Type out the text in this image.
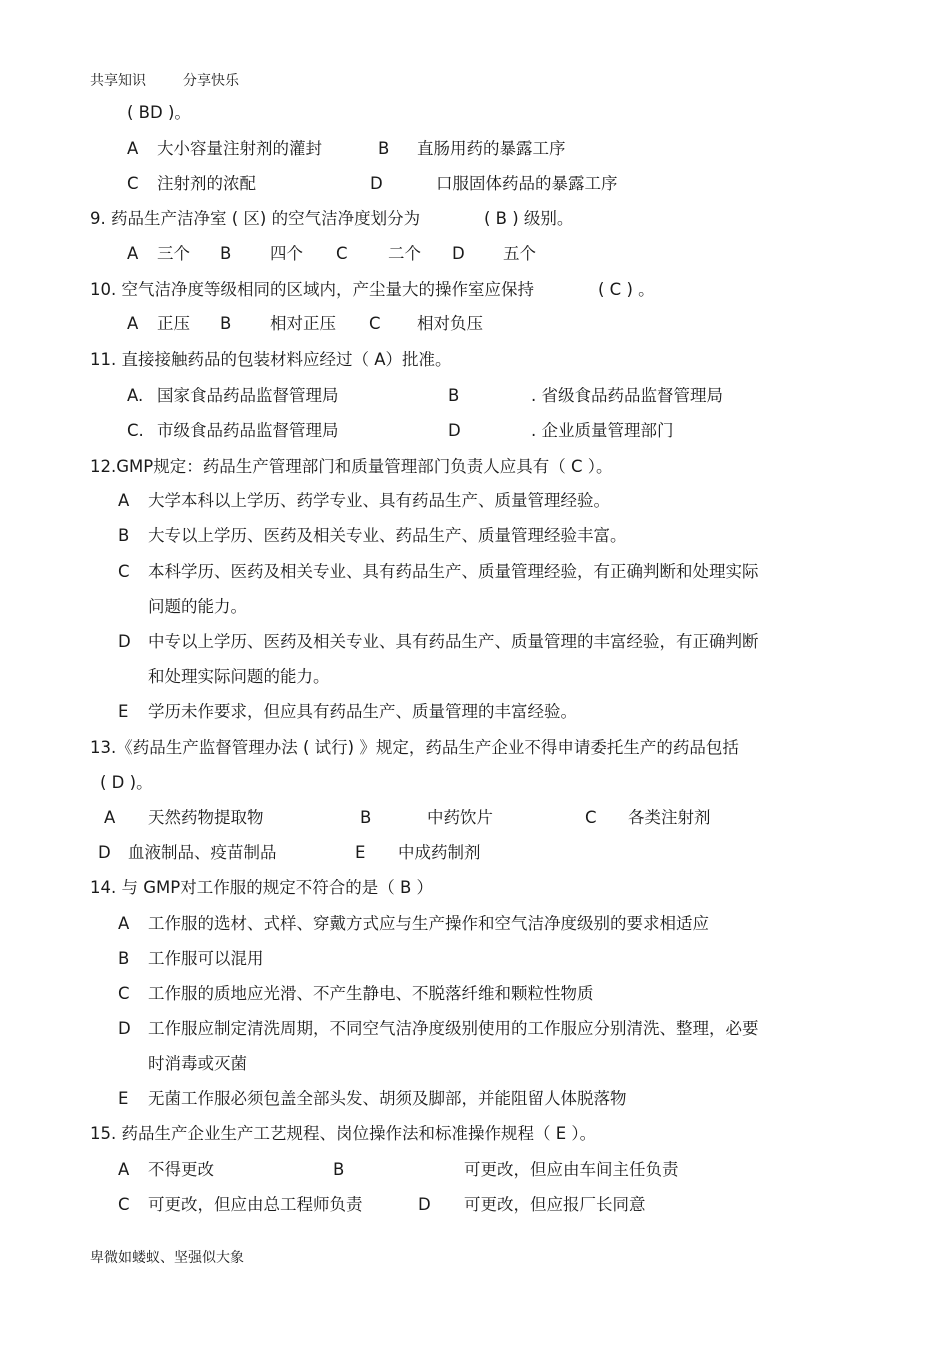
共享知识	分享快乐
( BD )。
A 大小容量注射剂的灌封	B 直肠用药的暴露工序
C 注射剂的浓配	D	口服固体药品的暴露工序
9. 药品生产洁净室 ( 区) 的空气洁净度划分为	( B ) 级别。
A 三个 B 四个 C 二个 D 五个
10. 空气洁净度等级相同的区域内，产尘量大的操作室应保持	( C ) 。
A 正压 B 相对正压 C 相对负压
11. 直接接触药品的包装材料应经过（ A）批准。
A. 国家食品药品监督管理局	B	. 省级食品药品监督管理局
C. 市级食品药品监督管理局	D	. 企业质量管理部门
12.GMP规定：药品生产管理部门和质量管理部门负责人应具有（ C ）。
A 大学本科以上学历、药学专业、具有药品生产、质量管理经验。
B 大专以上学历、医药及相关专业、药品生产、质量管理经验丰富。
C 本科学历、医药及相关专业、具有药品生产、质量管理经验，有正确判断和处理实际
问题的能力。
D 中专以上学历、医药及相关专业、具有药品生产、质量管理的丰富经验，有正确判断
和处理实际问题的能力。
E 学历未作要求，但应具有药品生产、质量管理的丰富经验。
13.《药品生产监督管理办法 ( 试行) 》规定，药品生产企业不得申请委托生产的药品包括
( D )。
A 天然药物提取物	B	中药饮片	C 各类注射剂
D 血液制品、疫苗制品	E 中成药制剂
14. 与 GMP对工作服的规定不符合的是（ B ）
A 工作服的选材、式样、穿戴方式应与生产操作和空气洁净度级别的要求相适应
B 工作服可以混用
C 工作服的质地应光滑、不产生静电、不脱落纤维和颗粒性物质
D 工作服应制定清洗周期，不同空气洁净度级别使用的工作服应分别清洗、整理，必要
时消毒或灭菌
E 无菌工作服必须包盖全部头发、胡须及脚部，并能阻留人体脱落物
15. 药品生产企业生产工艺规程、岗位操作法和标准操作规程（ E ）。
A 不得更改	B	可更改，但应由车间主任负责
C 可更改，但应由总工程师负责	D 可更改，但应报厂长同意
卑微如蝼蚁、坚强似大象
